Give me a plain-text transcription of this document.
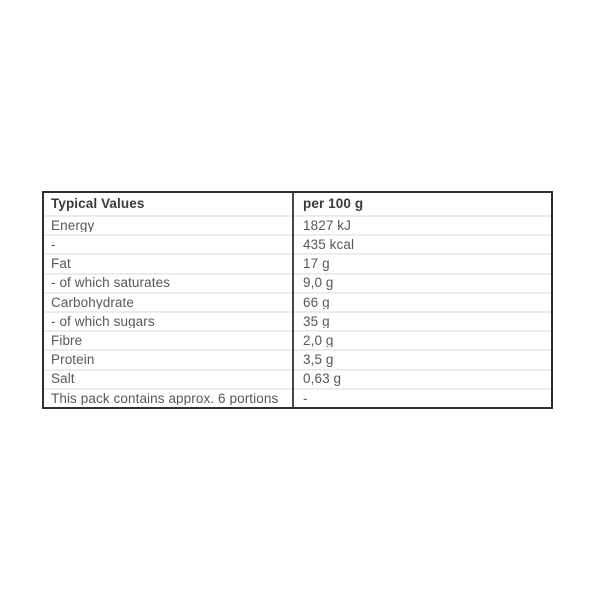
Typical Values	per 100 g
Energy	1827 kJ
-	435 kcal
Fat	17 g
- of which saturates	9,0 g
Carbohydrate	66 g
- of which sugars	35 g
Fibre	2,0 g
Protein	3,5 g
Salt	0,63 g
This pack contains approx. 6 portions	-
